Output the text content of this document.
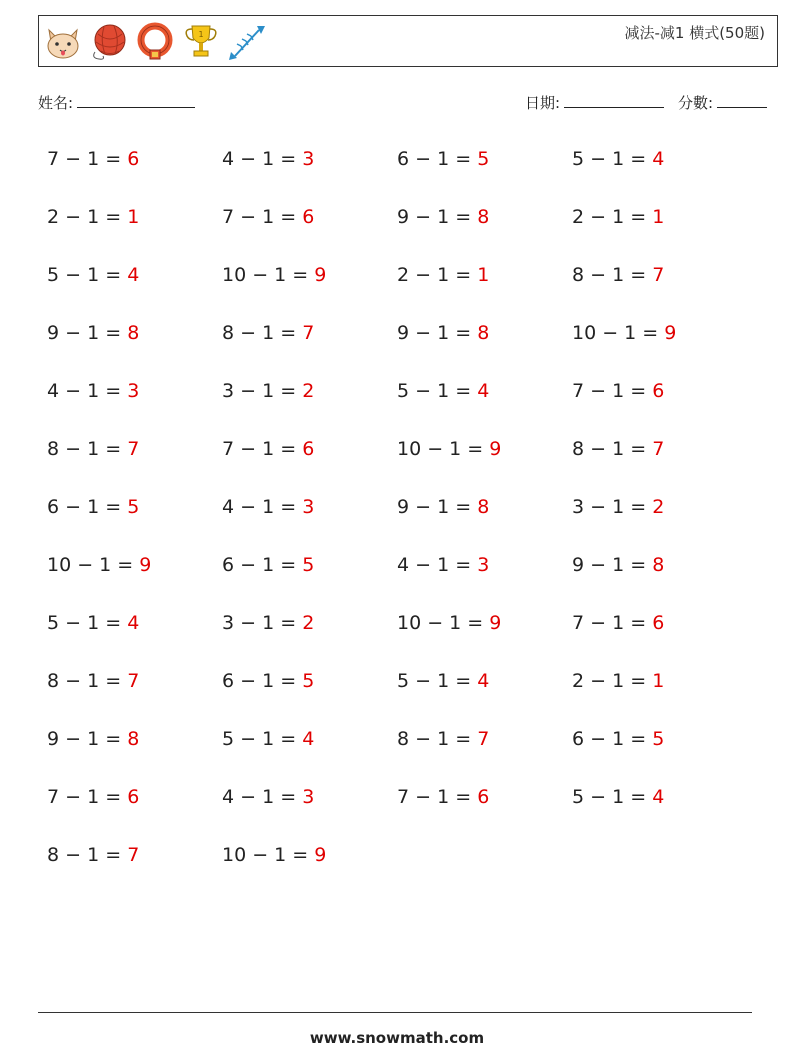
1	减法-减1 横式(50题)
姓名:	日期:	分數:
7 − 1 = 6	4 − 1 = 3	6 − 1 = 5	5 − 1 = 4
2 − 1 = 1	7 − 1 = 6	9 − 1 = 8	2 − 1 = 1
5 − 1 = 4	10 − 1 = 9	2 − 1 = 1	8 − 1 = 7
9 − 1 = 8	8 − 1 = 7	9 − 1 = 8	10 − 1 = 9
4 − 1 = 3	3 − 1 = 2	5 − 1 = 4	7 − 1 = 6
8 − 1 = 7	7 − 1 = 6	10 − 1 = 9	8 − 1 = 7
6 − 1 = 5	4 − 1 = 3	9 − 1 = 8	3 − 1 = 2
10 − 1 = 9	6 − 1 = 5	4 − 1 = 3	9 − 1 = 8
5 − 1 = 4	3 − 1 = 2	10 − 1 = 9	7 − 1 = 6
8 − 1 = 7	6 − 1 = 5	5 − 1 = 4	2 − 1 = 1
9 − 1 = 8	5 − 1 = 4	8 − 1 = 7	6 − 1 = 5
7 − 1 = 6	4 − 1 = 3	7 − 1 = 6	5 − 1 = 4
8 − 1 = 7	10 − 1 = 9
www.snowmath.com
